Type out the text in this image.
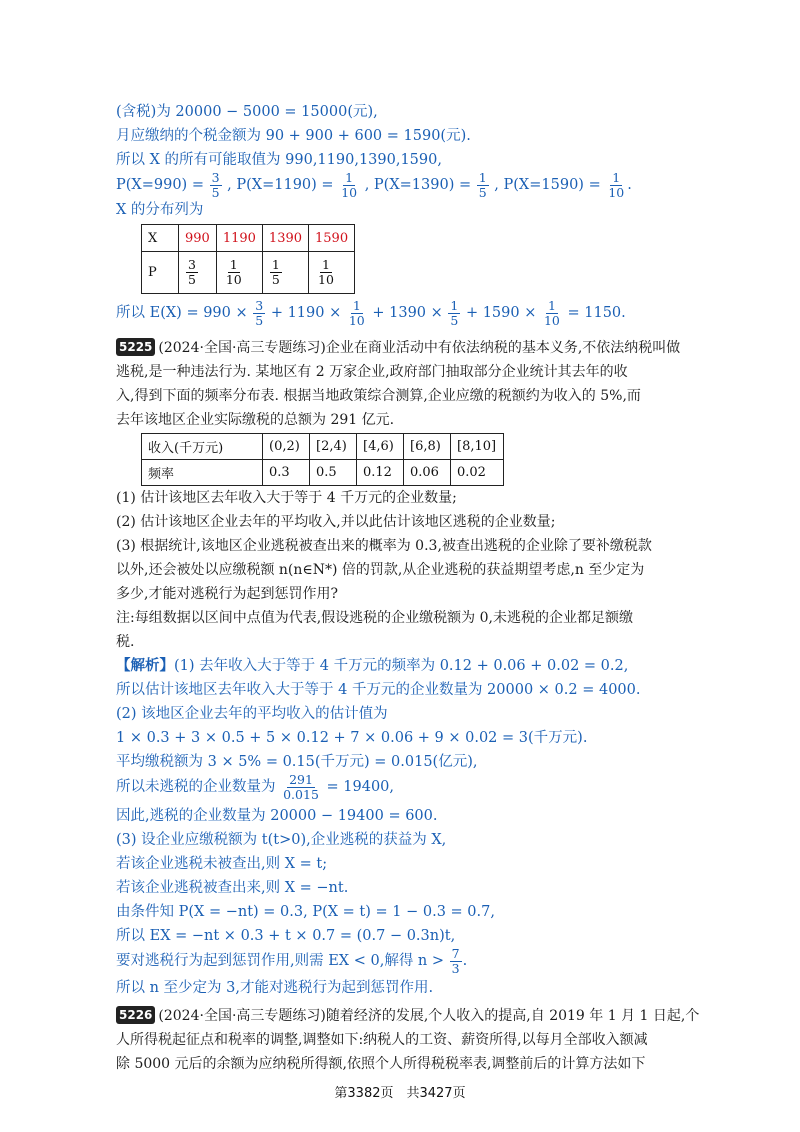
(含税)为 20000 − 5000 = 15000(元),
月应缴纳的个税金额为 90 + 900 + 600 = 1590(元).
所以 X 的所有可能取值为 990,1190,1390,1590,
$P(X=990) = \frac{3}{5}$ , $P(X=1190) = \frac{1}{10}$ , $P(X=1390) = \frac{1}{5}$ , $P(X=1590) = \frac{1}{10}$ .
X 的分布列为
X	990	1190	1390	1590
P	$\frac{3}{5}$	$\frac{1}{10}$	$\frac{1}{5}$	$\frac{1}{10}$
所以 $E(X) = 990 \times \frac{3}{5} + 1190 \times \frac{1}{10} + 1390 \times \frac{1}{5} + 1590 \times \frac{1}{10} = 1150$.
5225 (2024·全国·高三专题练习)企业在商业活动中有依法纳税的基本义务,不依法纳税叫做
逃税,是一种违法行为. 某地区有 2 万家企业,政府部门抽取部分企业统计其去年的收
入,得到下面的频率分布表. 根据当地政策综合测算,企业应缴的税额约为收入的 5%,而
去年该地区企业实际缴税的总额为 291 亿元.
收入(千万元)	(0,2)	[2,4)	[4,6)	[6,8)	[8,10]
频率	0.3	0.5	0.12	0.06	0.02
(1) 估计该地区去年收入大于等于 4 千万元的企业数量;
(2) 估计该地区企业去年的平均收入,并以此估计该地区逃税的企业数量;
(3) 根据统计,该地区企业逃税被查出来的概率为 0.3,被查出逃税的企业除了要补缴税款
以外,还会被处以应缴税额 n(n∈N*) 倍的罚款,从企业逃税的获益期望考虑,n 至少定为
多少,才能对逃税行为起到惩罚作用?
注:每组数据以区间中点值为代表,假设逃税的企业缴税额为 0,未逃税的企业都足额缴
税.
【解析】(1) 去年收入大于等于 4 千万元的频率为 0.12 + 0.06 + 0.02 = 0.2,
所以估计该地区去年收入大于等于 4 千万元的企业数量为 20000 × 0.2 = 4000.
(2) 该地区企业去年的平均收入的估计值为
1 × 0.3 + 3 × 0.5 + 5 × 0.12 + 7 × 0.06 + 9 × 0.02 = 3(千万元).
平均缴税额为 3 × 5% = 0.15(千万元) = 0.015(亿元),
所以未逃税的企业数量为 $\frac{291}{0.015} = 19400$,
因此,逃税的企业数量为 20000 − 19400 = 600.
(3) 设企业应缴税额为 t(t>0),企业逃税的获益为 X,
若该企业逃税未被查出,则 X = t;
若该企业逃税被查出来,则 X = −nt.
由条件知 P(X = −nt) = 0.3, P(X = t) = 1 − 0.3 = 0.7,
所以 EX = −nt × 0.3 + t × 0.7 = (0.7 − 0.3n)t,
要对逃税行为起到惩罚作用,则需 EX < 0,解得 $n > \frac{7}{3}$ .
所以 n 至少定为 3,才能对逃税行为起到惩罚作用.
5226 (2024·全国·高三专题练习)随着经济的发展,个人收入的提高,自 2019 年 1 月 1 日起,个
人所得税起征点和税率的调整,调整如下:纳税人的工资、薪资所得,以每月全部收入额减
除 5000 元后的余额为应纳税所得额,依照个人所得税税率表,调整前后的计算方法如下
第3382页　共3427页
